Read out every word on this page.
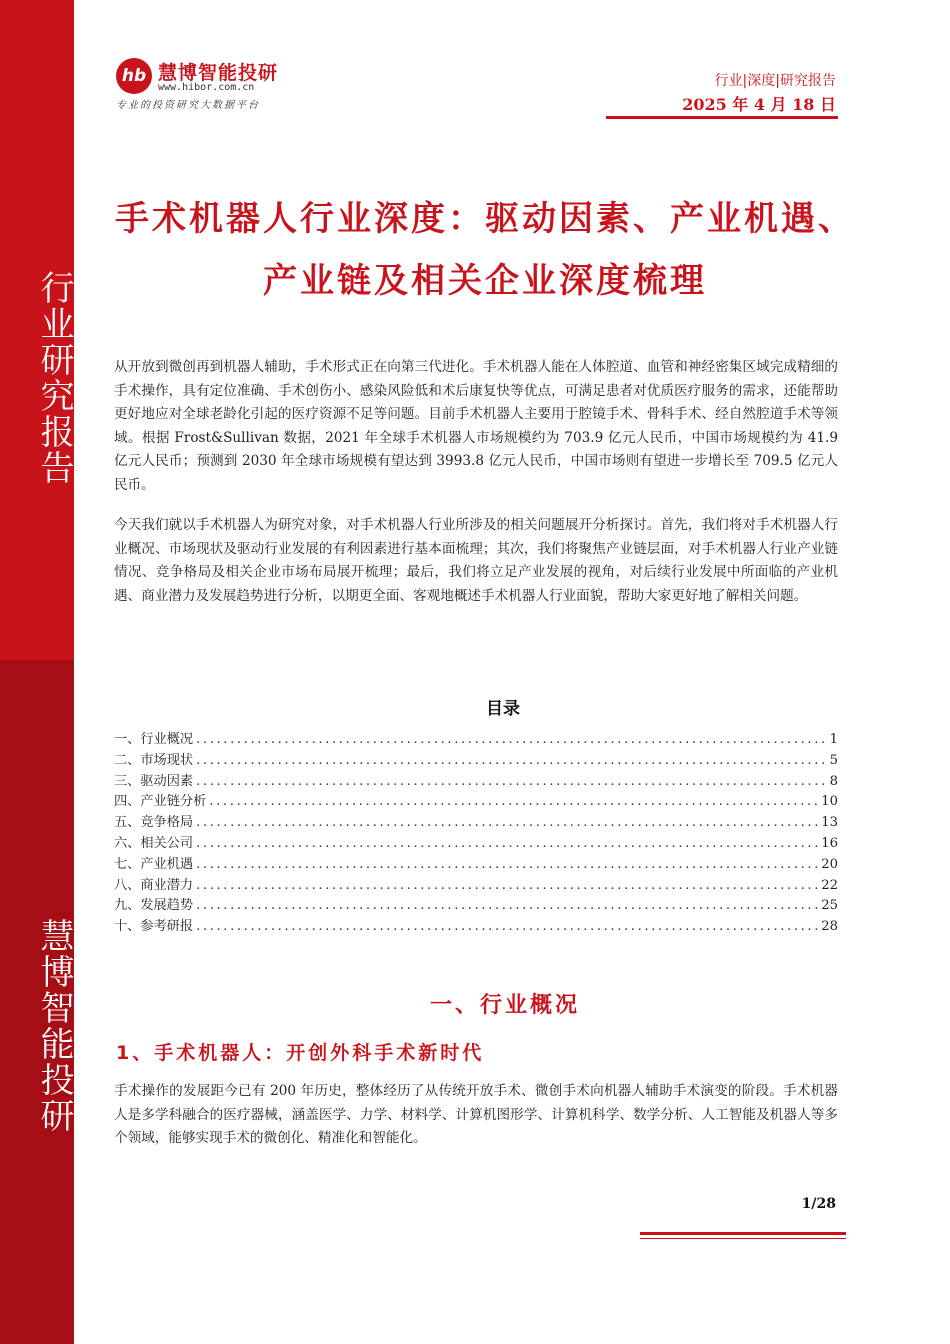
行业研究报告
慧博智能投研
hb 慧博智能投研
www.hibor.com.cn
专业的投资研究大数据平台
行业|深度|研究报告
2025 年 4 月 18 日
手术机器人行业深度：驱动因素、产业机遇、
产业链及相关企业深度梳理

从开放到微创再到机器人辅助，手术形式正在向第三代进化。手术机器人能在人体腔道、血管和神经密集区域完成精细的手术操作，具有定位准确、手术创伤小、感染风险低和术后康复快等优点，可满足患者对优质医疗服务的需求，还能帮助更好地应对全球老龄化引起的医疗资源不足等问题。目前手术机器人主要用于腔镜手术、骨科手术、经自然腔道手术等领域。根据 Frost&Sullivan 数据，2021 年全球手术机器人市场规模约为 703.9 亿元人民币，中国市场规模约为 41.9 亿元人民币；预测到 2030 年全球市场规模有望达到 3993.8 亿元人民币，中国市场则有望进一步增长至 709.5 亿元人民币。

今天我们就以手术机器人为研究对象，对手术机器人行业所涉及的相关问题展开分析探讨。首先，我们将对手术机器人行业概况、市场现状及驱动行业发展的有利因素进行基本面梳理；其次，我们将聚焦产业链层面，对手术机器人行业产业链情况、竞争格局及相关企业市场布局展开梳理；最后，我们将立足产业发展的视角，对后续行业发展中所面临的产业机遇、商业潜力及发展趋势进行分析，以期更全面、客观地概述手术机器人行业面貌，帮助大家更好地了解相关问题。

目录
一、行业概况 .....	1
二、市场现状 .....	5
三、驱动因素 .....	8
四、产业链分析 .....	10
五、竞争格局 .....	13
六、相关公司 .....	16
七、产业机遇 .....	20
八、商业潜力 .....	22
九、发展趋势 .....	25
十、参考研报 .....	28
一、行业概况
1、手术机器人：开创外科手术新时代

手术操作的发展距今已有 200 年历史，整体经历了从传统开放手术、微创手术向机器人辅助手术演变的阶段。手术机器人是多学科融合的医疗器械，涵盖医学、力学、材料学、计算机图形学、计算机科学、数学分析、人工智能及机器人等多个领域，能够实现手术的微创化、精准化和智能化。

1/28
